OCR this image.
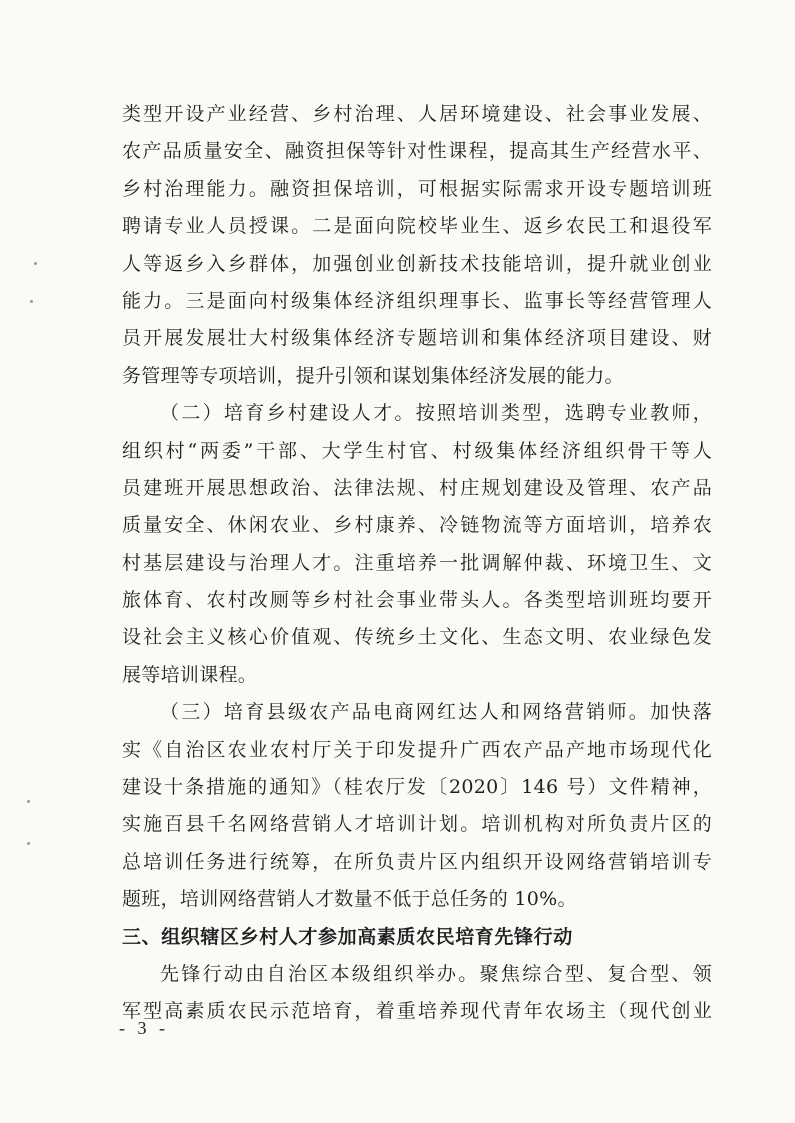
类型开设产业经营、乡村治理、人居环境建设、社会事业发展、
农产品质量安全、融资担保等针对性课程，提高其生产经营水平、
乡村治理能力。融资担保培训，可根据实际需求开设专题培训班
聘请专业人员授课。二是面向院校毕业生、返乡农民工和退役军
人等返乡入乡群体，加强创业创新技术技能培训，提升就业创业
能力。三是面向村级集体经济组织理事长、监事长等经营管理人
员开展发展壮大村级集体经济专题培训和集体经济项目建设、财
务管理等专项培训，提升引领和谋划集体经济发展的能力。
（二）培育乡村建设人才。按照培训类型，选聘专业教师，
组织村“两委”干部、大学生村官、村级集体经济组织骨干等人
员建班开展思想政治、法律法规、村庄规划建设及管理、农产品
质量安全、休闲农业、乡村康养、冷链物流等方面培训，培养农
村基层建设与治理人才。注重培养一批调解仲裁、环境卫生、文
旅体育、农村改厕等乡村社会事业带头人。各类型培训班均要开
设社会主义核心价值观、传统乡土文化、生态文明、农业绿色发
展等培训课程。
（三）培育县级农产品电商网红达人和网络营销师。加快落
实《自治区农业农村厅关于印发提升广西农产品产地市场现代化
建设十条措施的通知》（桂农厅发〔2020〕146 号）文件精神，
实施百县千名网络营销人才培训计划。培训机构对所负责片区的
总培训任务进行统筹，在所负责片区内组织开设网络营销培训专
题班，培训网络营销人才数量不低于总任务的 10%。
三、组织辖区乡村人才参加高素质农民培育先锋行动
先锋行动由自治区本级组织举办。聚焦综合型、复合型、领
军型高素质农民示范培育，着重培养现代青年农场主（现代创业
- 3 -
